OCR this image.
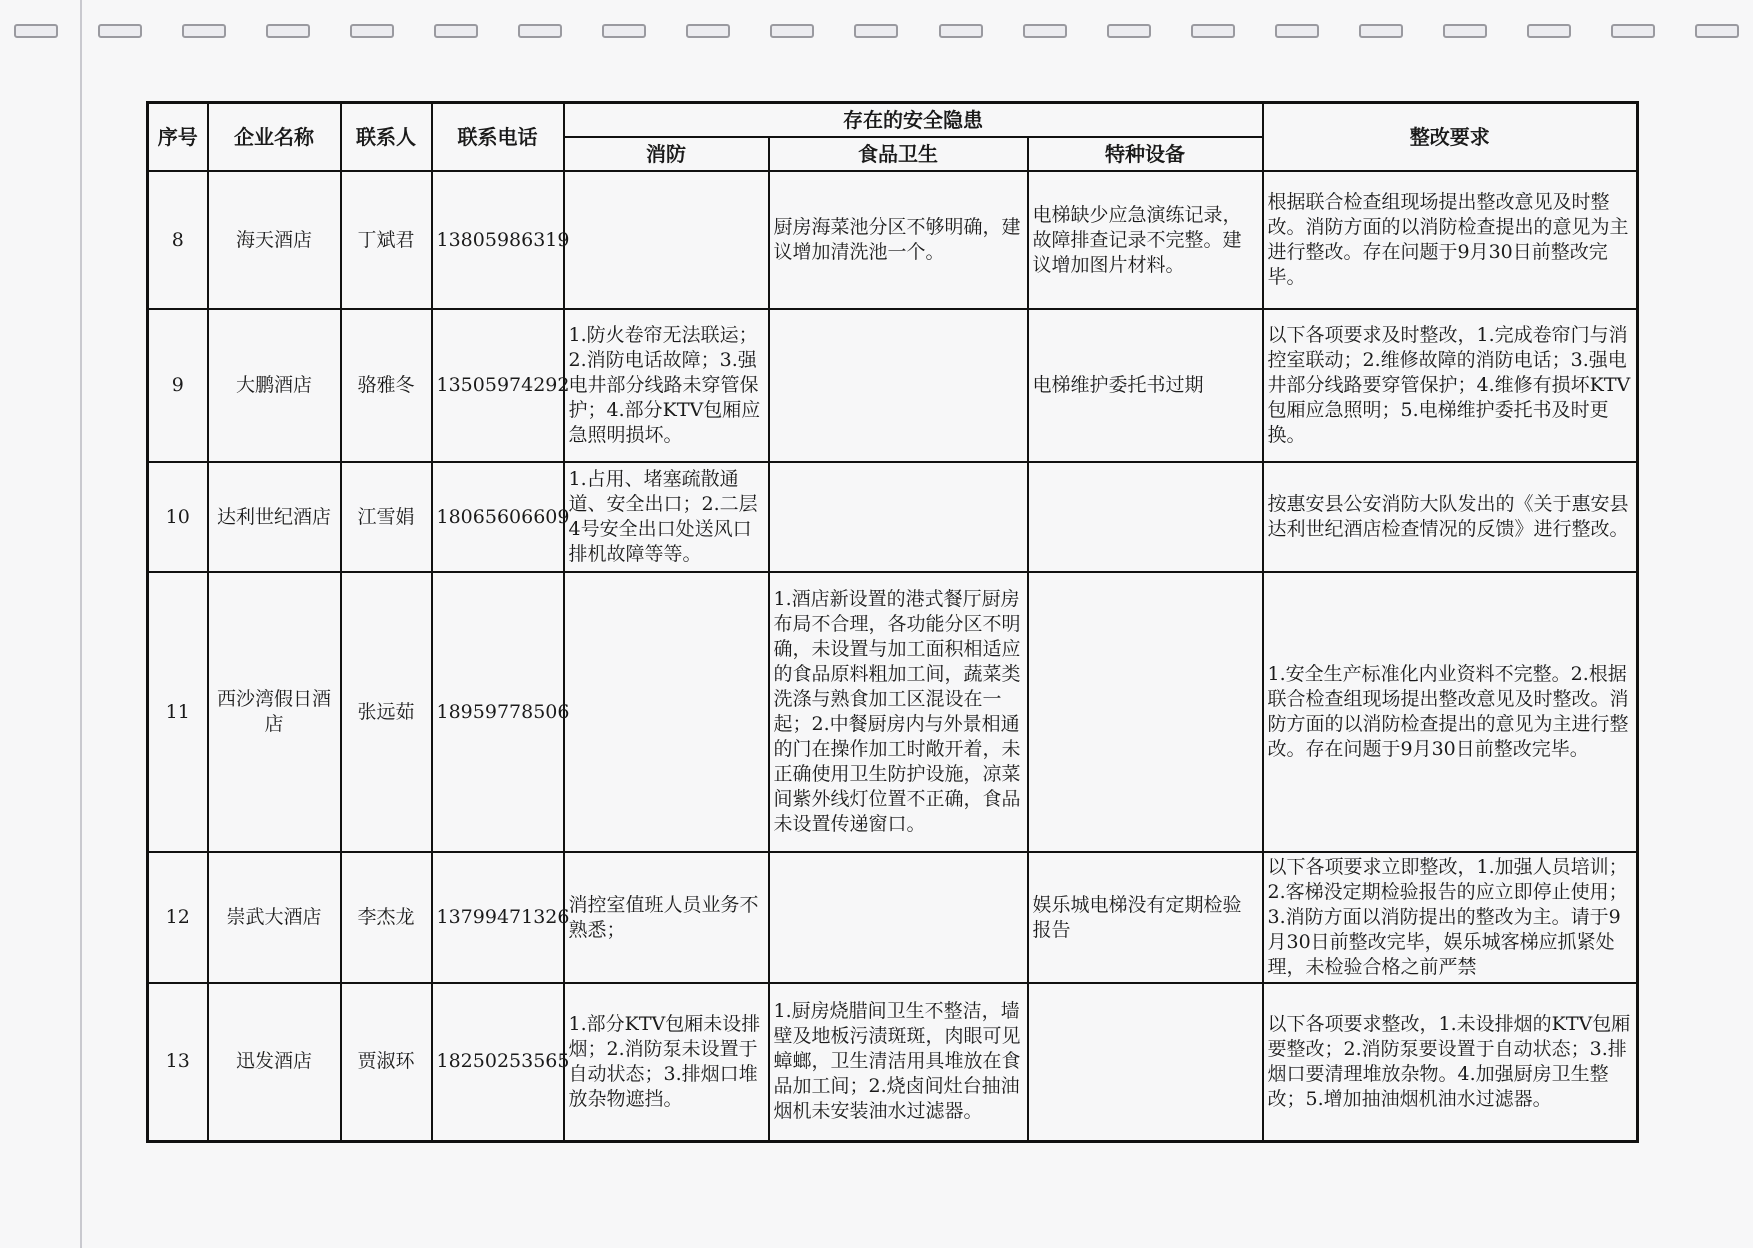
序号	企业名称	联系人	联系电话	存在的安全隐患			整改要求
				消防	食品卫生	特种设备	
8	海天酒店	丁斌君	13805986319		厨房海菜池分区不够明确，建议增加清洗池一个。	电梯缺少应急演练记录，故障排查记录不完整。建议增加图片材料。	根据联合检查组现场提出整改意见及时整改。消防方面的以消防检查提出的意见为主进行整改。存在问题于9月30日前整改完毕。
9	大鹏酒店	骆雅冬	13505974292	1.防火卷帘无法联运；2.消防电话故障；3.强电井部分线路未穿管保护；4.部分KTV包厢应急照明损坏。		电梯维护委托书过期	以下各项要求及时整改，1.完成卷帘门与消控室联动；2.维修故障的消防电话；3.强电井部分线路要穿管保护；4.维修有损坏KTV包厢应急照明；5.电梯维护委托书及时更换。
10	达利世纪酒店	江雪娟	18065606609	1.占用、堵塞疏散通道、安全出口；2.二层4号安全出口处送风口排机故障等等。			按惠安县公安消防大队发出的《关于惠安县达利世纪酒店检查情况的反馈》进行整改。
11	西沙湾假日酒店	张远茹	18959778506		1.酒店新设置的港式餐厅厨房布局不合理，各功能分区不明确，未设置与加工面积相适应的食品原料粗加工间，蔬菜类洗涤与熟食加工区混设在一起；2.中餐厨房内与外景相通的门在操作加工时敞开着，未正确使用卫生防护设施，凉菜间紫外线灯位置不正确，食品未设置传递窗口。		1.安全生产标准化内业资料不完整。2.根据联合检查组现场提出整改意见及时整改。消防方面的以消防检查提出的意见为主进行整改。存在问题于9月30日前整改完毕。
12	崇武大酒店	李杰龙	13799471326	消控室值班人员业务不熟悉；		娱乐城电梯没有定期检验报告	以下各项要求立即整改，1.加强人员培训；2.客梯没定期检验报告的应立即停止使用；3.消防方面以消防提出的整改为主。请于9月30日前整改完毕，娱乐城客梯应抓紧处理，未检验合格之前严禁
13	迅发酒店	贾淑环	18250253565	1.部分KTV包厢未设排烟；2.消防泵未设置于自动状态；3.排烟口堆放杂物遮挡。	1.厨房烧腊间卫生不整洁，墙壁及地板污渍斑斑，肉眼可见蟑螂，卫生清洁用具堆放在食品加工间；2.烧卤间灶台抽油烟机未安装油水过滤器。		以下各项要求整改，1.未设排烟的KTV包厢要整改；2.消防泵要设置于自动状态；3.排烟口要清理堆放杂物。4.加强厨房卫生整改；5.增加抽油烟机油水过滤器。
